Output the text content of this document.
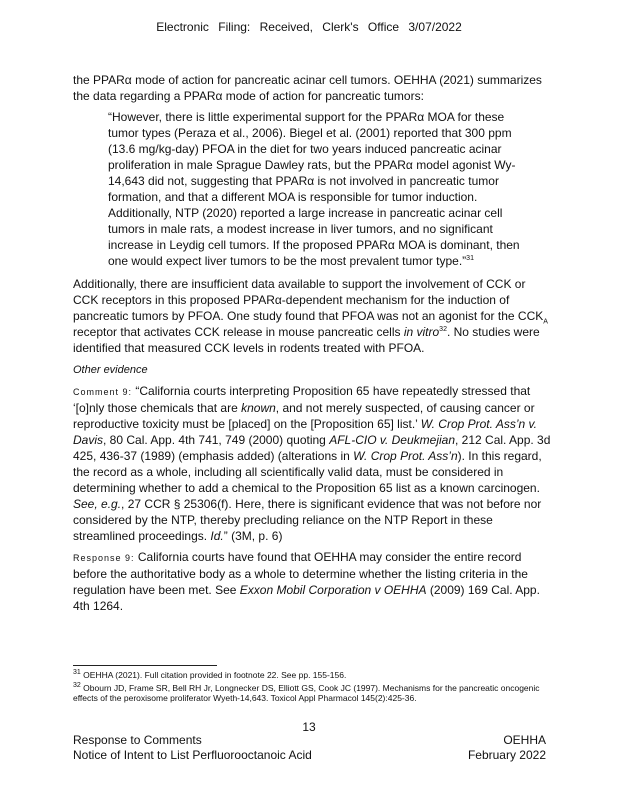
Electronic Filing: Received, Clerk's Office 3/07/2022
the PPARα mode of action for pancreatic acinar cell tumors. OEHHA (2021) summarizes the data regarding a PPARα mode of action for pancreatic tumors:
“However, there is little experimental support for the PPARα MOA for these tumor types (Peraza et al., 2006). Biegel et al. (2001) reported that 300 ppm (13.6 mg/kg-day) PFOA in the diet for two years induced pancreatic acinar proliferation in male Sprague Dawley rats, but the PPARα model agonist Wy-14,643 did not, suggesting that PPARα is not involved in pancreatic tumor formation, and that a different MOA is responsible for tumor induction. Additionally, NTP (2020) reported a large increase in pancreatic acinar cell tumors in male rats, a modest increase in liver tumors, and no significant increase in Leydig cell tumors. If the proposed PPARα MOA is dominant, then one would expect liver tumors to be the most prevalent tumor type.”$^{31}$
Additionally, there are insufficient data available to support the involvement of CCK or CCK receptors in this proposed PPARα-dependent mechanism for the induction of pancreatic tumors by PFOA. One study found that PFOA was not an agonist for the $CCK_A$ receptor that activates CCK release in mouse pancreatic cells in vitro$^{32}$. No studies were identified that measured CCK levels in rodents treated with PFOA.
Other evidence
Comment 9: “California courts interpreting Proposition 65 have repeatedly stressed that ‘[o]nly those chemicals that are known, and not merely suspected, of causing cancer or reproductive toxicity must be [placed] on the [Proposition 65] list.’ W. Crop Prot. Ass’n v. Davis, 80 Cal. App. 4th 741, 749 (2000) quoting AFL-CIO v. Deukmejian, 212 Cal. App. 3d 425, 436-37 (1989) (emphasis added) (alterations in W. Crop Prot. Ass’n). In this regard, the record as a whole, including all scientifically valid data, must be considered in determining whether to add a chemical to the Proposition 65 list as a known carcinogen. See, e.g., 27 CCR § 25306(f). Here, there is significant evidence that was not before nor considered by the NTP, thereby precluding reliance on the NTP Report in these streamlined proceedings. Id.” (3M, p. 6)
Response 9: California courts have found that OEHHA may consider the entire record before the authoritative body as a whole to determine whether the listing criteria in the regulation have been met. See Exxon Mobil Corporation v OEHHA (2009) 169 Cal. App. 4th 1264.
$^{31}$ OEHHA (2021). Full citation provided in footnote 22. See pp. 155-156.
$^{32}$ Obourn JD, Frame SR, Bell RH Jr, Longnecker DS, Elliott GS, Cook JC (1997). Mechanisms for the pancreatic oncogenic effects of the peroxisome proliferator Wyeth-14,643. Toxicol Appl Pharmacol 145(2):425-36.
13
Response to Comments
Notice of Intent to List Perfluorooctanoic Acid
OEHHA
February 2022
